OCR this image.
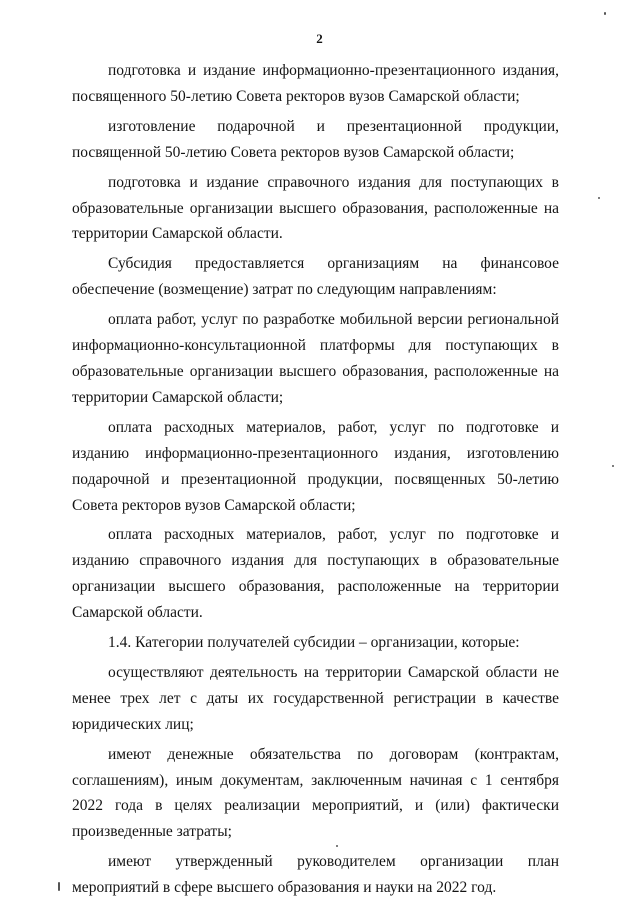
2

подготовка и издание информационно-презентационного издания, посвященного 50-летию Совета ректоров вузов Самарской области;

изготовление подарочной и презентационной продукции, посвященной 50-летию Совета ректоров вузов Самарской области;

подготовка и издание справочного издания для поступающих в образовательные организации высшего образования, расположенные на территории Самарской области.

Субсидия предоставляется организациям на финансовое обеспечение (возмещение) затрат по следующим направлениям:

оплата работ, услуг по разработке мобильной версии региональной информационно-консультационной платформы для поступающих в образовательные организации высшего образования, расположенные на территории Самарской области;

оплата расходных материалов, работ, услуг по подготовке и изданию информационно-презентационного издания, изготовлению подарочной и презентационной продукции, посвященных 50-летию Совета ректоров вузов Самарской области;

оплата расходных материалов, работ, услуг по подготовке и изданию справочного издания для поступающих в образовательные организации высшего образования, расположенные на территории Самарской области.

1.4. Категории получателей субсидии – организации, которые:

осуществляют деятельность на территории Самарской области не менее трех лет с даты их государственной регистрации в качестве юридических лиц;

имеют денежные обязательства по договорам (контрактам, соглашениям), иным документам, заключенным начиная с 1 сентября 2022 года в целях реализации мероприятий, и (или) фактически произведенные затраты;

имеют утвержденный руководителем организации план мероприятий в сфере высшего образования и науки на 2022 год.
